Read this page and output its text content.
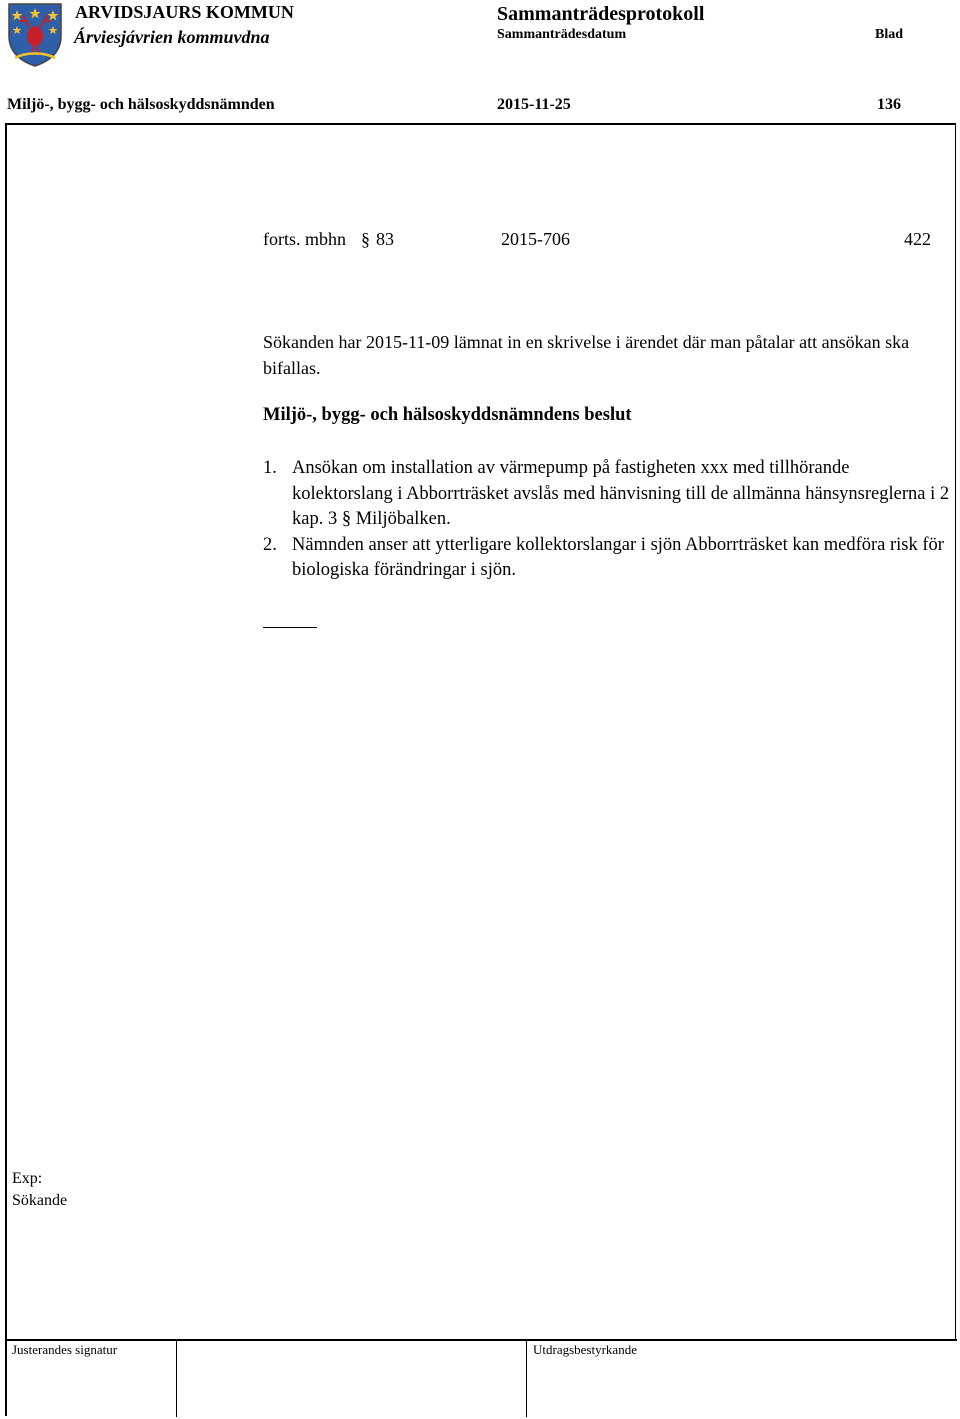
ARVIDSJAURS KOMMUN
Árviesjávrien kommuvdna
Sammanträdesprotokoll
Sammanträdesdatum	Blad
Miljö-, bygg- och hälsoskyddsnämnden	2015-11-25	136
forts. mbhn § 83	2015-706	422
Sökanden har 2015-11-09 lämnat in en skrivelse i ärendet där man påtalar att ansökan ska bifallas.
Miljö-, bygg- och hälsoskyddsnämndens beslut
1. Ansökan om installation av värmepump på fastigheten xxx med tillhörande kolektorslang i Abborrträsket avslås med hänvisning till de allmänna hänsynsreglerna i 2 kap. 3 § Miljöbalken.
2. Nämnden anser att ytterligare kollektorslangar i sjön Abborrträsket kan medföra risk för biologiska förändringar i sjön.
Exp:
Sökande
Justerandes signatur	Utdragsbestyrkande
